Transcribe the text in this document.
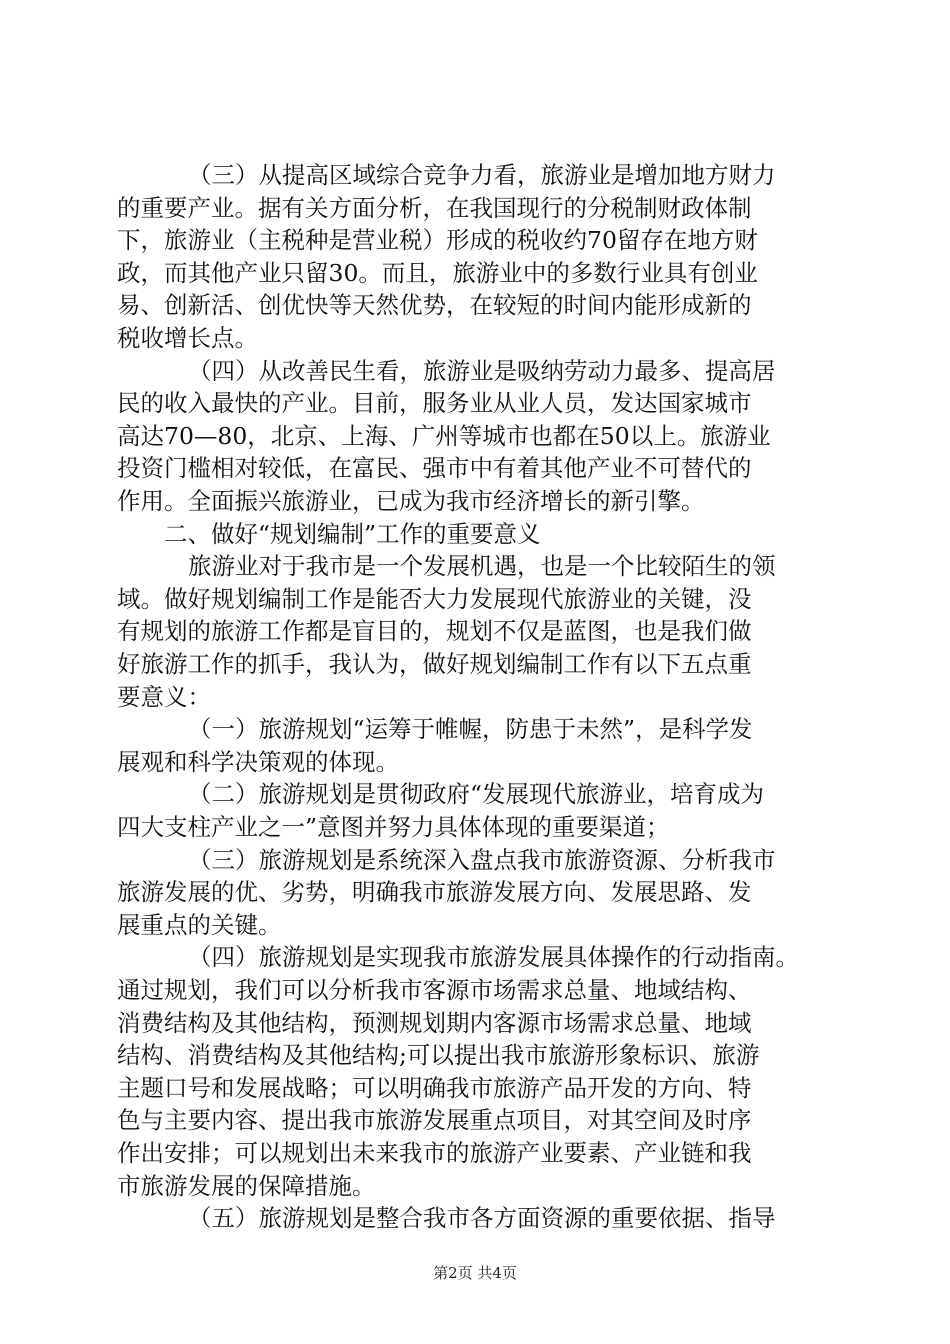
（三）从提高区域综合竞争力看，旅游业是增加地方财力
的重要产业。据有关方面分析，在我国现行的分税制财政体制
下，旅游业（主税种是营业税）形成的税收约70留存在地方财
政，而其他产业只留30。而且，旅游业中的多数行业具有创业
易、创新活、创优快等天然优势，在较短的时间内能形成新的
税收增长点。
（四）从改善民生看，旅游业是吸纳劳动力最多、提高居
民的收入最快的产业。目前，服务业从业人员，发达国家城市
高达70—80，北京、上海、广州等城市也都在50以上。旅游业
投资门槛相对较低，在富民、强市中有着其他产业不可替代的
作用。全面振兴旅游业，已成为我市经济增长的新引擎。
二、做好“规划编制”工作的重要意义
旅游业对于我市是一个发展机遇，也是一个比较陌生的领
域。做好规划编制工作是能否大力发展现代旅游业的关键，没
有规划的旅游工作都是盲目的，规划不仅是蓝图，也是我们做
好旅游工作的抓手，我认为，做好规划编制工作有以下五点重
要意义：
（一）旅游规划“运筹于帷幄，防患于未然”，是科学发
展观和科学决策观的体现。
（二）旅游规划是贯彻政府“发展现代旅游业，培育成为
四大支柱产业之一”意图并努力具体体现的重要渠道；
（三）旅游规划是系统深入盘点我市旅游资源、分析我市
旅游发展的优、劣势，明确我市旅游发展方向、发展思路、发
展重点的关键。
（四）旅游规划是实现我市旅游发展具体操作的行动指南。
通过规划，我们可以分析我市客源市场需求总量、地域结构、
消费结构及其他结构，预测规划期内客源市场需求总量、地域
结构、消费结构及其他结构;可以提出我市旅游形象标识、旅游
主题口号和发展战略；可以明确我市旅游产品开发的方向、特
色与主要内容、提出我市旅游发展重点项目，对其空间及时序
作出安排；可以规划出未来我市的旅游产业要素、产业链和我
市旅游发展的保障措施。
（五）旅游规划是整合我市各方面资源的重要依据、指导
第2页 共4页
